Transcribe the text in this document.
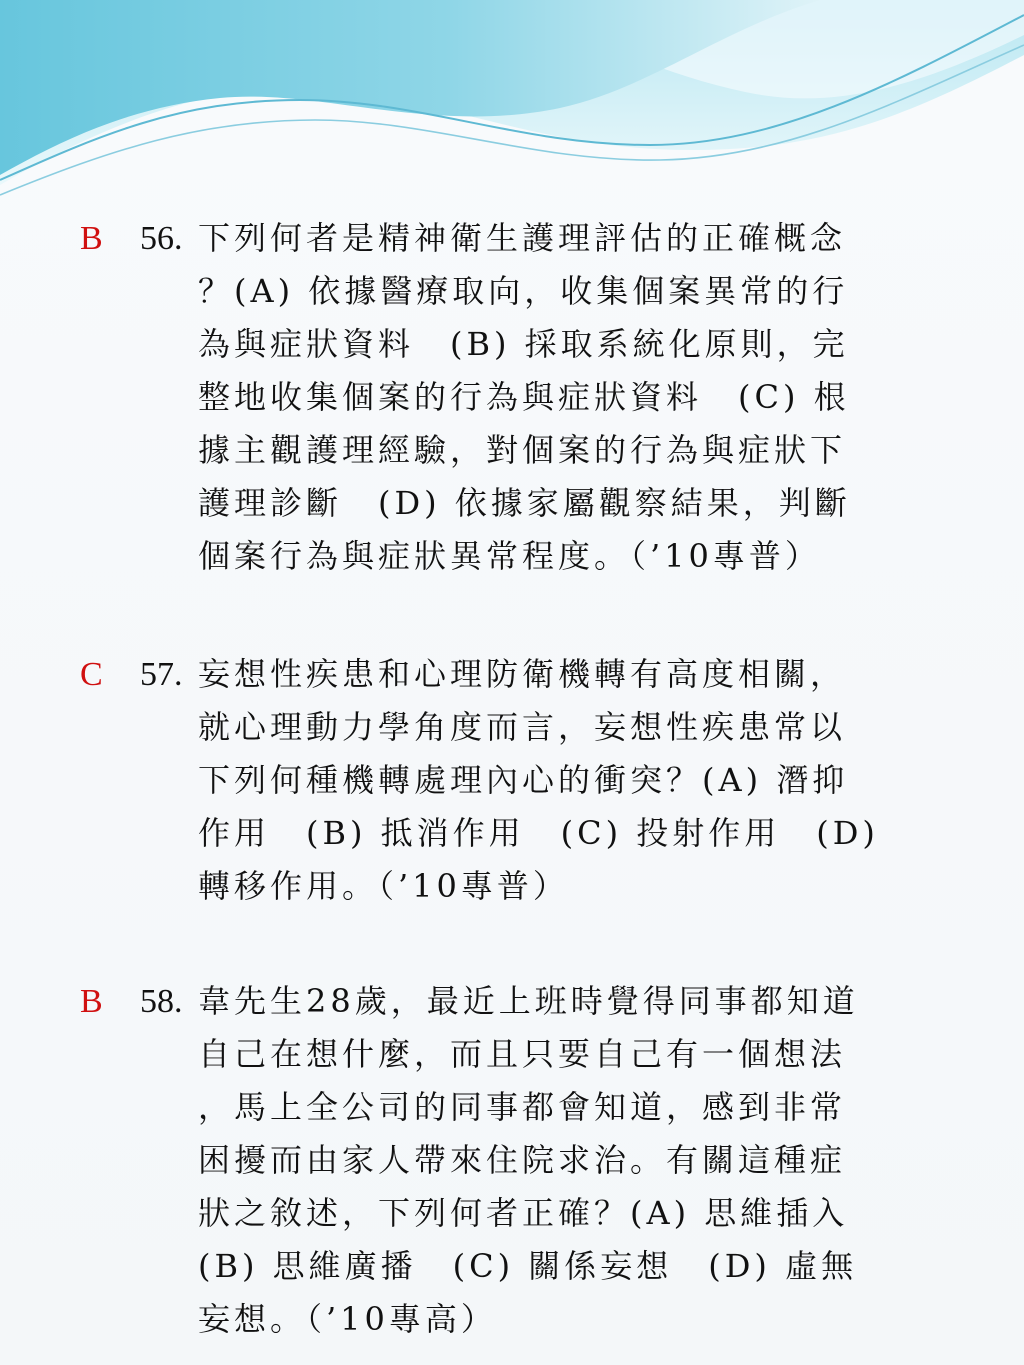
B 56. 下列何者是精神衛生護理評估的正確概念
？(A) 依據醫療取向，收集個案異常的行
為與症狀資料　(B) 採取系統化原則，完
整地收集個案的行為與症狀資料　(C) 根
據主觀護理經驗，對個案的行為與症狀下
護理診斷　(D) 依據家屬觀察結果，判斷
個案行為與症狀異常程度。（’10專普）
C 57. 妄想性疾患和心理防衛機轉有高度相關，
就心理動力學角度而言，妄想性疾患常以
下列何種機轉處理內心的衝突？(A) 潛抑
作用　(B) 抵消作用　(C) 投射作用　(D)
轉移作用。（’10專普）
B 58. 韋先生28歲，最近上班時覺得同事都知道
自己在想什麼，而且只要自己有一個想法
，馬上全公司的同事都會知道，感到非常
困擾而由家人帶來住院求治。有關這種症
狀之敘述，下列何者正確？(A) 思維插入
(B) 思維廣播　(C) 關係妄想　(D) 虛無
妄想。（’10專高）
